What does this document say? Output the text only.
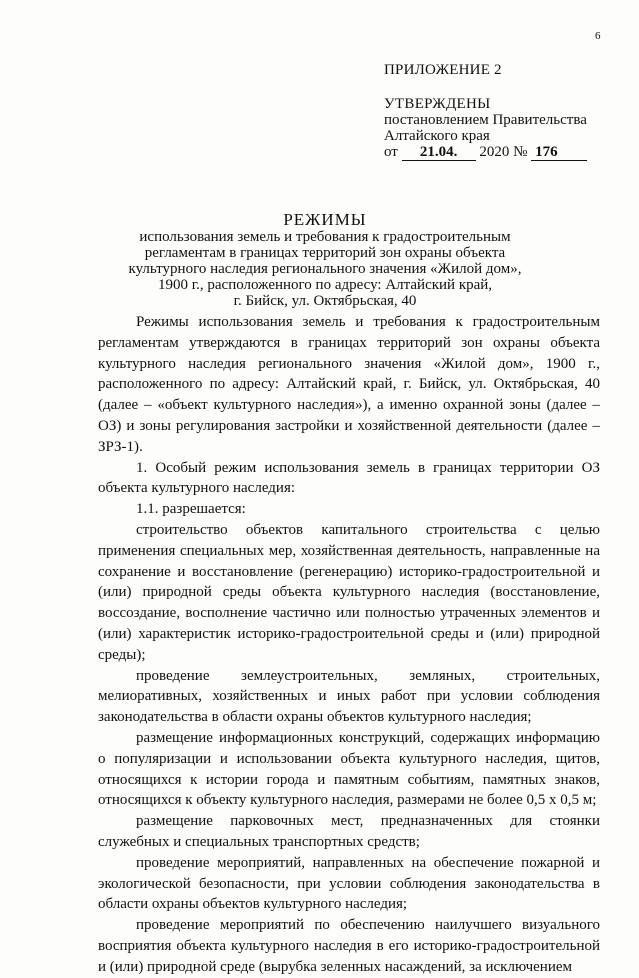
6
ПРИЛОЖЕНИЕ 2
УТВЕРЖДЕНЫ
постановлением Правительства
Алтайского края
от 21.04. 2020 № 176
РЕЖИМЫ
использования земель и требования к градостроительным
регламентам в границах территорий зон охраны объекта
культурного наследия регионального значения «Жилой дом»,
1900 г., расположенного по адресу: Алтайский край,
г. Бийск, ул. Октябрьская, 40

Режимы использования земель и требования к градостроительным регламентам утверждаются в границах территорий зон охраны объекта культурного наследия регионального значения «Жилой дом», 1900 г., расположенного по адресу: Алтайский край, г. Бийск, ул. Октябрьская, 40 (далее – «объект культурного наследия»), а именно охранной зоны (далее – ОЗ) и зоны регулирования застройки и хозяйственной деятельности (далее – ЗРЗ-1).

1. Особый режим использования земель в границах территории ОЗ объекта культурного наследия:

1.1. разрешается:

строительство объектов капитального строительства с целью применения специальных мер, хозяйственная деятельность, направленные на сохранение и восстановление (регенерацию) историко-градостроительной и (или) природной среды объекта культурного наследия (восстановление, воссоздание, восполнение частично или полностью утраченных элементов и (или) характеристик историко-градостроительной среды и (или) природной среды);

проведение землеустроительных, земляных, строительных, мелиоративных, хозяйственных и иных работ при условии соблюдения законодательства в области охраны объектов культурного наследия;

размещение информационных конструкций, содержащих информацию о популяризации и использовании объекта культурного наследия, щитов, относящихся к истории города и памятным событиям, памятных знаков, относящихся к объекту культурного наследия, размерами не более 0,5 х 0,5 м;

размещение парковочных мест, предназначенных для стоянки служебных и специальных транспортных средств;

проведение мероприятий, направленных на обеспечение пожарной и экологической безопасности, при условии соблюдения законодательства в области охраны объектов культурного наследия;

проведение мероприятий по обеспечению наилучшего визуального восприятия объекта культурного наследия в его историко-градостроительной и (или) природной среде (вырубка зеленных насаждений, за исключением
